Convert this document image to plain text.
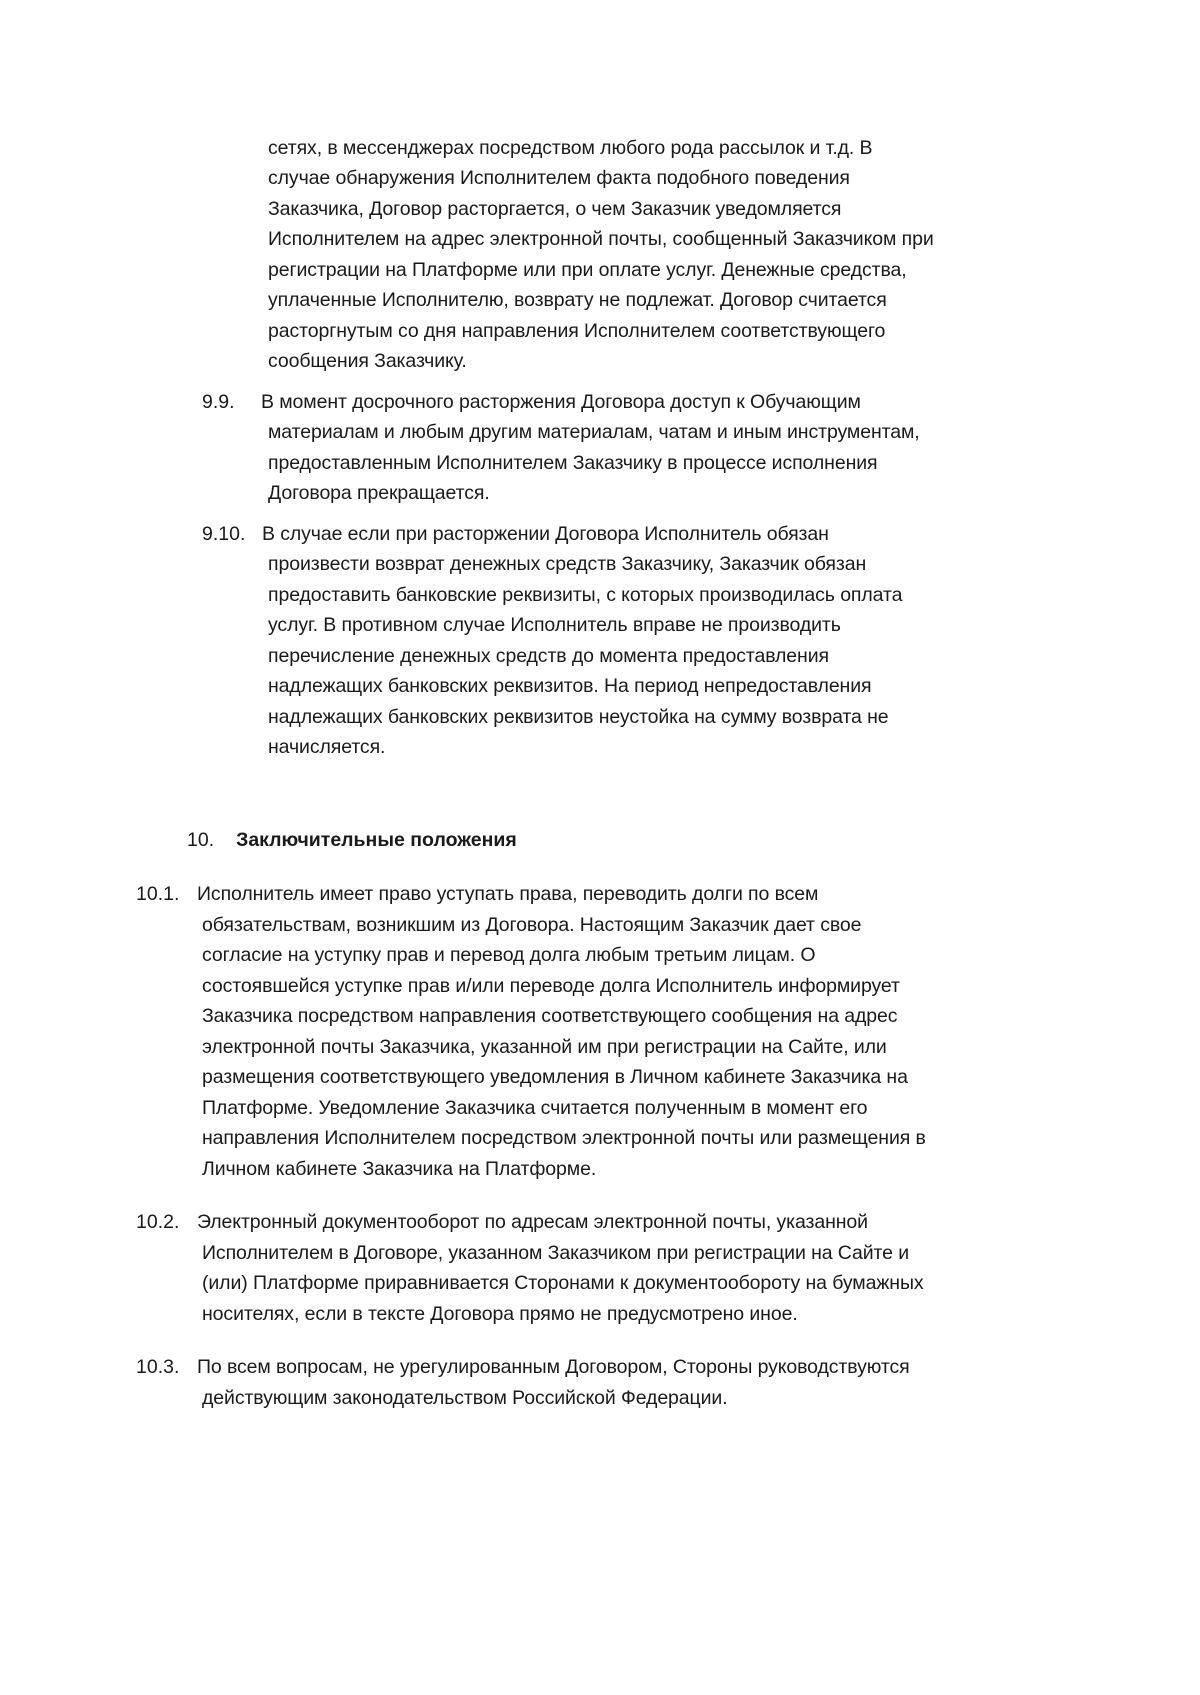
сетях, в мессенджерах посредством любого рода рассылок и т.д. В
случае обнаружения Исполнителем факта подобного поведения
Заказчика, Договор расторгается, о чем Заказчик уведомляется
Исполнителем на адрес электронной почты, сообщенный Заказчиком при
регистрации на Платформе или при оплате услуг. Денежные средства,
уплаченные Исполнителю, возврату не подлежат. Договор считается
расторгнутым со дня направления Исполнителем соответствующего
сообщения Заказчику.
9.9. В момент досрочного расторжения Договора доступ к Обучающим
материалам и любым другим материалам, чатам и иным инструментам,
предоставленным Исполнителем Заказчику в процессе исполнения
Договора прекращается.
9.10. В случае если при расторжении Договора Исполнитель обязан
произвести возврат денежных средств Заказчику, Заказчик обязан
предоставить банковские реквизиты, с которых производилась оплата
услуг. В противном случае Исполнитель вправе не производить
перечисление денежных средств до момента предоставления
надлежащих банковских реквизитов. На период непредоставления
надлежащих банковских реквизитов неустойка на сумму возврата не
начисляется.
10. Заключительные положения
10.1. Исполнитель имеет право уступать права, переводить долги по всем
обязательствам, возникшим из Договора. Настоящим Заказчик дает свое
согласие на уступку прав и перевод долга любым третьим лицам. О
состоявшейся уступке прав и/или переводе долга Исполнитель информирует
Заказчика посредством направления соответствующего сообщения на адрес
электронной почты Заказчика, указанной им при регистрации на Сайте, или
размещения соответствующего уведомления в Личном кабинете Заказчика на
Платформе. Уведомление Заказчика считается полученным в момент его
направления Исполнителем посредством электронной почты или размещения в
Личном кабинете Заказчика на Платформе.
10.2. Электронный документооборот по адресам электронной почты, указанной
Исполнителем в Договоре, указанном Заказчиком при регистрации на Сайте и
(или) Платформе приравнивается Сторонами к документообороту на бумажных
носителях, если в тексте Договора прямо не предусмотрено иное.
10.3. По всем вопросам, не урегулированным Договором, Стороны руководствуются
действующим законодательством Российской Федерации.
